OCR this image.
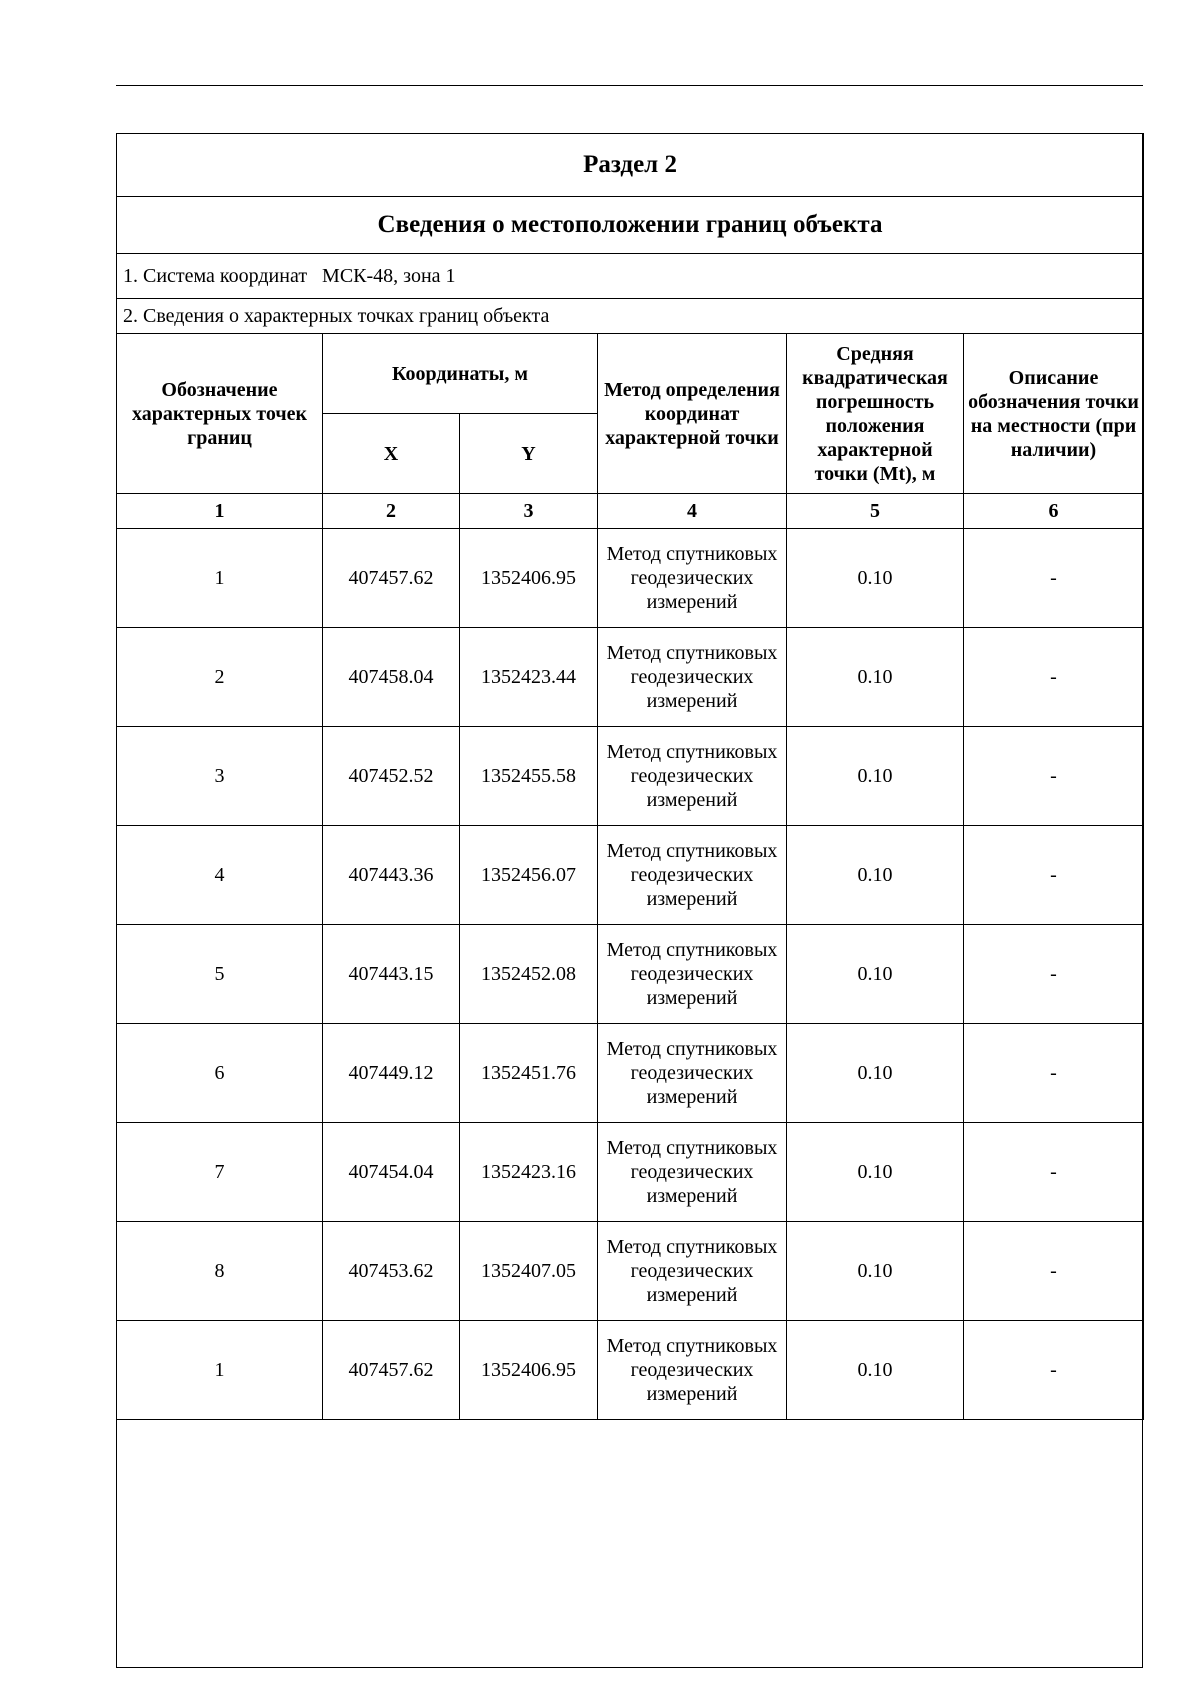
Раздел 2					
Сведения о местоположении границ объекта					
1. Система координат   МСК-48, зона 1					
2. Сведения о характерных точках границ объекта					
Обозначение характерных точек границ	Координаты, м		Метод определения координат характерной точки	Средняя квадратическая погрешность положения характерной точки (Mt), м	Описание обозначения точки на местности (при наличии)
	X	Y			
1	2	3	4	5	6
1	407457.62	1352406.95	Метод спутниковых геодезических измерений	0.10	-
2	407458.04	1352423.44	Метод спутниковых геодезических измерений	0.10	-
3	407452.52	1352455.58	Метод спутниковых геодезических измерений	0.10	-
4	407443.36	1352456.07	Метод спутниковых геодезических измерений	0.10	-
5	407443.15	1352452.08	Метод спутниковых геодезических измерений	0.10	-
6	407449.12	1352451.76	Метод спутниковых геодезических измерений	0.10	-
7	407454.04	1352423.16	Метод спутниковых геодезических измерений	0.10	-
8	407453.62	1352407.05	Метод спутниковых геодезических измерений	0.10	-
1	407457.62	1352406.95	Метод спутниковых геодезических измерений	0.10	-
